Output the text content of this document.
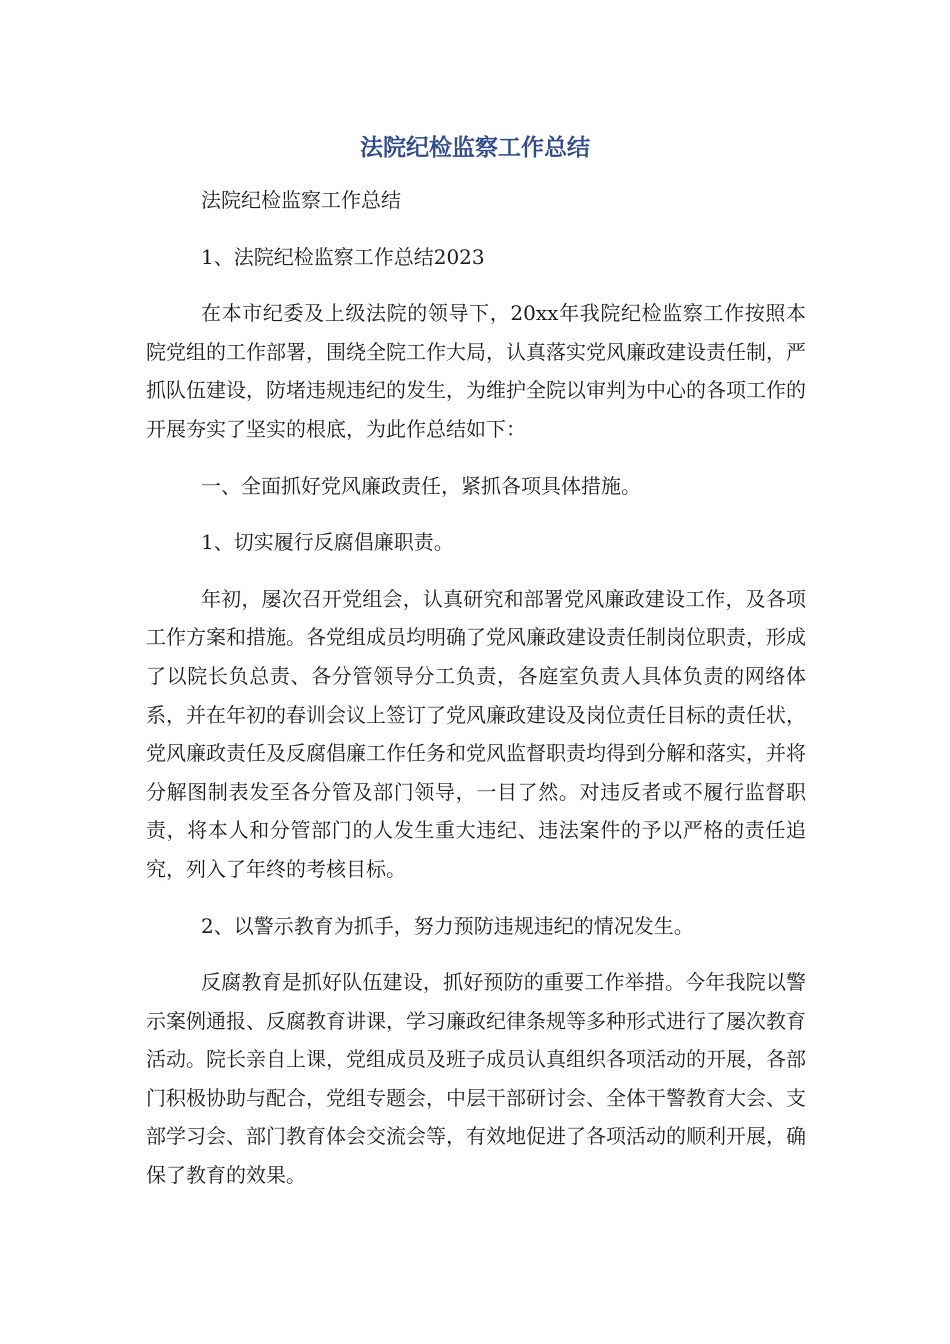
法院纪检监察工作总结

法院纪检监察工作总结

1、法院纪检监察工作总结2023

在本市纪委及上级法院的领导下，20xx年我院纪检监察工作按照本院党组的工作部署，围绕全院工作大局，认真落实党风廉政建设责任制，严抓队伍建设，防堵违规违纪的发生，为维护全院以审判为中心的各项工作的开展夯实了坚实的根底，为此作总结如下：

一、全面抓好党风廉政责任，紧抓各项具体措施。

1、切实履行反腐倡廉职责。

年初，屡次召开党组会，认真研究和部署党风廉政建设工作，及各项工作方案和措施。各党组成员均明确了党风廉政建设责任制岗位职责，形成了以院长负总责、各分管领导分工负责，各庭室负责人具体负责的网络体系，并在年初的春训会议上签订了党风廉政建设及岗位责任目标的责任状，党风廉政责任及反腐倡廉工作任务和党风监督职责均得到分解和落实，并将分解图制表发至各分管及部门领导，一目了然。对违反者或不履行监督职责，将本人和分管部门的人发生重大违纪、违法案件的予以严格的责任追究，列入了年终的考核目标。

2、以警示教育为抓手，努力预防违规违纪的情况发生。

反腐教育是抓好队伍建设，抓好预防的重要工作举措。今年我院以警示案例通报、反腐教育讲课，学习廉政纪律条规等多种形式进行了屡次教育活动。院长亲自上课，党组成员及班子成员认真组织各项活动的开展，各部门积极协助与配合，党组专题会，中层干部研讨会、全体干警教育大会、支部学习会、部门教育体会交流会等，有效地促进了各项活动的顺利开展，确保了教育的效果。
